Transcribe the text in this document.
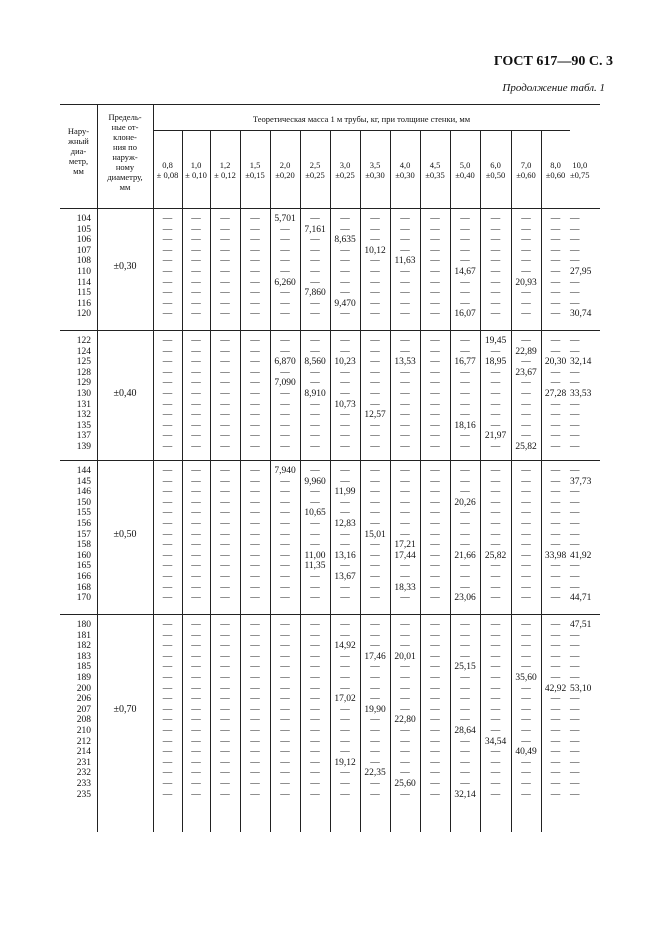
ГОСТ 617—90 С. 3
Продолжение табл. 1
Нару-
жный
диа-
метр,
мм
Предель-
ные от-
клоне-
ния по
наруж-
ному
диаметру,
мм
Теоретическая масса 1 м трубы, кг, при толщине стенки, мм
0,8
± 0,08
1,0
± 0,10
1,2
± 0,12
1,5
±0,15
2,0
±0,20
2,5
±0,25
3,0
±0,25
3,5
±0,30
4,0
±0,30
4,5
±0,35
5,0
±0,40
6,0
±0,50
7,0
±0,60
8,0
±0,60
10,0
±0,75
104
105
106
107
108
110
114
115
116
120
±0,30
—
—
—
—
—
—
—
—
—
—
—
—
—
—
—
—
—
—
—
—
—
—
—
—
—
—
—
—
—
—
—
—
—
—
—
—
—
—
—
—
5,701
—
—
—
—
—
6,260
—
—
—
—
7,161
—
—
—
—
—
7,860
—
—
—
—
8,635
—
—
—
—
—
9,470
—
—
—
—
10,12
—
—
—
—
—
—
—
—
—
—
11,63
—
—
—
—
—
—
—
—
—
—
—
—
—
—
—
—
—
—
—
—
14,67
—
—
—
16,07
—
—
—
—
—
—
—
—
—
—
—
—
—
—
—
—
20,93
—
—
—
—
—
—
—
—
—
—
—
—
—
—
—
—
—
—
27,95
—
—
—
30,74
122
124
125
128
129
130
131
132
135
137
139
±0,40
—
—
—
—
—
—
—
—
—
—
—
—
—
—
—
—
—
—
—
—
—
—
—
—
—
—
—
—
—
—
—
—
—
—
—
—
—
—
—
—
—
—
—
—
—
—
6,870
—
7,090
—
—
—
—
—
—
—
—
8,560
—
—
8,910
—
—
—
—
—
—
—
10,23
—
—
—
10,73
—
—
—
—
—
—
—
—
—
—
—
12,57
—
—
—
—
—
13,53
—
—
—
—
—
—
—
—
—
—
—
—
—
—
—
—
—
—
—
—
—
16,77
—
—
—
—
—
18,16
—
—
19,45
—
18,95
—
—
—
—
—
—
21,97
—
—
22,89
—
23,67
—
—
—
—
—
—
25,82
—
—
20,30
—
—
27,28
—
—
—
—
—
—
—
32,14
—
—
33,53
—
—
—
—
—
144
145
146
150
155
156
157
158
160
165
166
168
170
±0,50
—
—
—
—
—
—
—
—
—
—
—
—
—
—
—
—
—
—
—
—
—
—
—
—
—
—
—
—
—
—
—
—
—
—
—
—
—
—
—
—
—
—
—
—
—
—
—
—
—
—
—
—
7,940
—
—
—
—
—
—
—
—
—
—
—
—
—
9,960
—
—
10,65
—
—
—
11,00
11,35
—
—
—
—
—
11,99
—
—
12,83
—
—
13,16
—
13,67
—
—
—
—
—
—
—
—
15,01
—
—
—
—
—
—
—
—
—
—
—
—
—
17,21
17,44
—
—
18,33
—
—
—
—
—
—
—
—
—
—
—
—
—
—
—
—
—
20,26
—
—
—
—
21,66
—
—
—
23,06
—
—
—
—
—
—
—
—
25,82
—
—
—
—
—
—
—
—
—
—
—
—
—
—
—
—
—
—
—
—
—
—
—
—
—
33,98
—
—
—
—
—
37,73
—
—
—
—
—
—
41,92
—
—
—
44,71
180
181
182
183
185
189
200
206
207
208
210
212
214
231
232
233
235
±0,70
—
—
—
—
—
—
—
—
—
—
—
—
—
—
—
—
—
—
—
—
—
—
—
—
—
—
—
—
—
—
—
—
—
—
—
—
—
—
—
—
—
—
—
—
—
—
—
—
—
—
—
—
—
—
—
—
—
—
—
—
—
—
—
—
—
—
—
—
—
—
—
—
—
—
—
—
—
—
—
—
—
—
—
—
—
—
—
—
—
—
—
—
—
—
—
—
—
—
—
—
—
—
—
—
14,92
—
—
—
—
17,02
—
—
—
—
—
19,12
—
—
—
—
—
—
17,46
—
—
—
—
19,90
—
—
—
—
—
22,35
—
—
—
—
—
20,01
—
—
—
—
—
22,80
—
—
—
—
—
25,60
—
—
—
—
—
—
—
—
—
—
—
—
—
—
—
—
—
—
—
—
—
—
25,15
—
—
—
—
—
28,64
—
—
—
—
—
32,14
—
—
—
—
—
—
—
—
—
—
—
34,54
—
—
—
—
—
—
—
—
—
—
35,60
—
—
—
—
—
—
40,49
—
—
—
—
—
—
—
—
—
—
42,92
—
—
—
—
—
—
—
—
—
—
47,51
—
—
—
—
—
53,10
—
—
—
—
—
—
—
—
—
—
